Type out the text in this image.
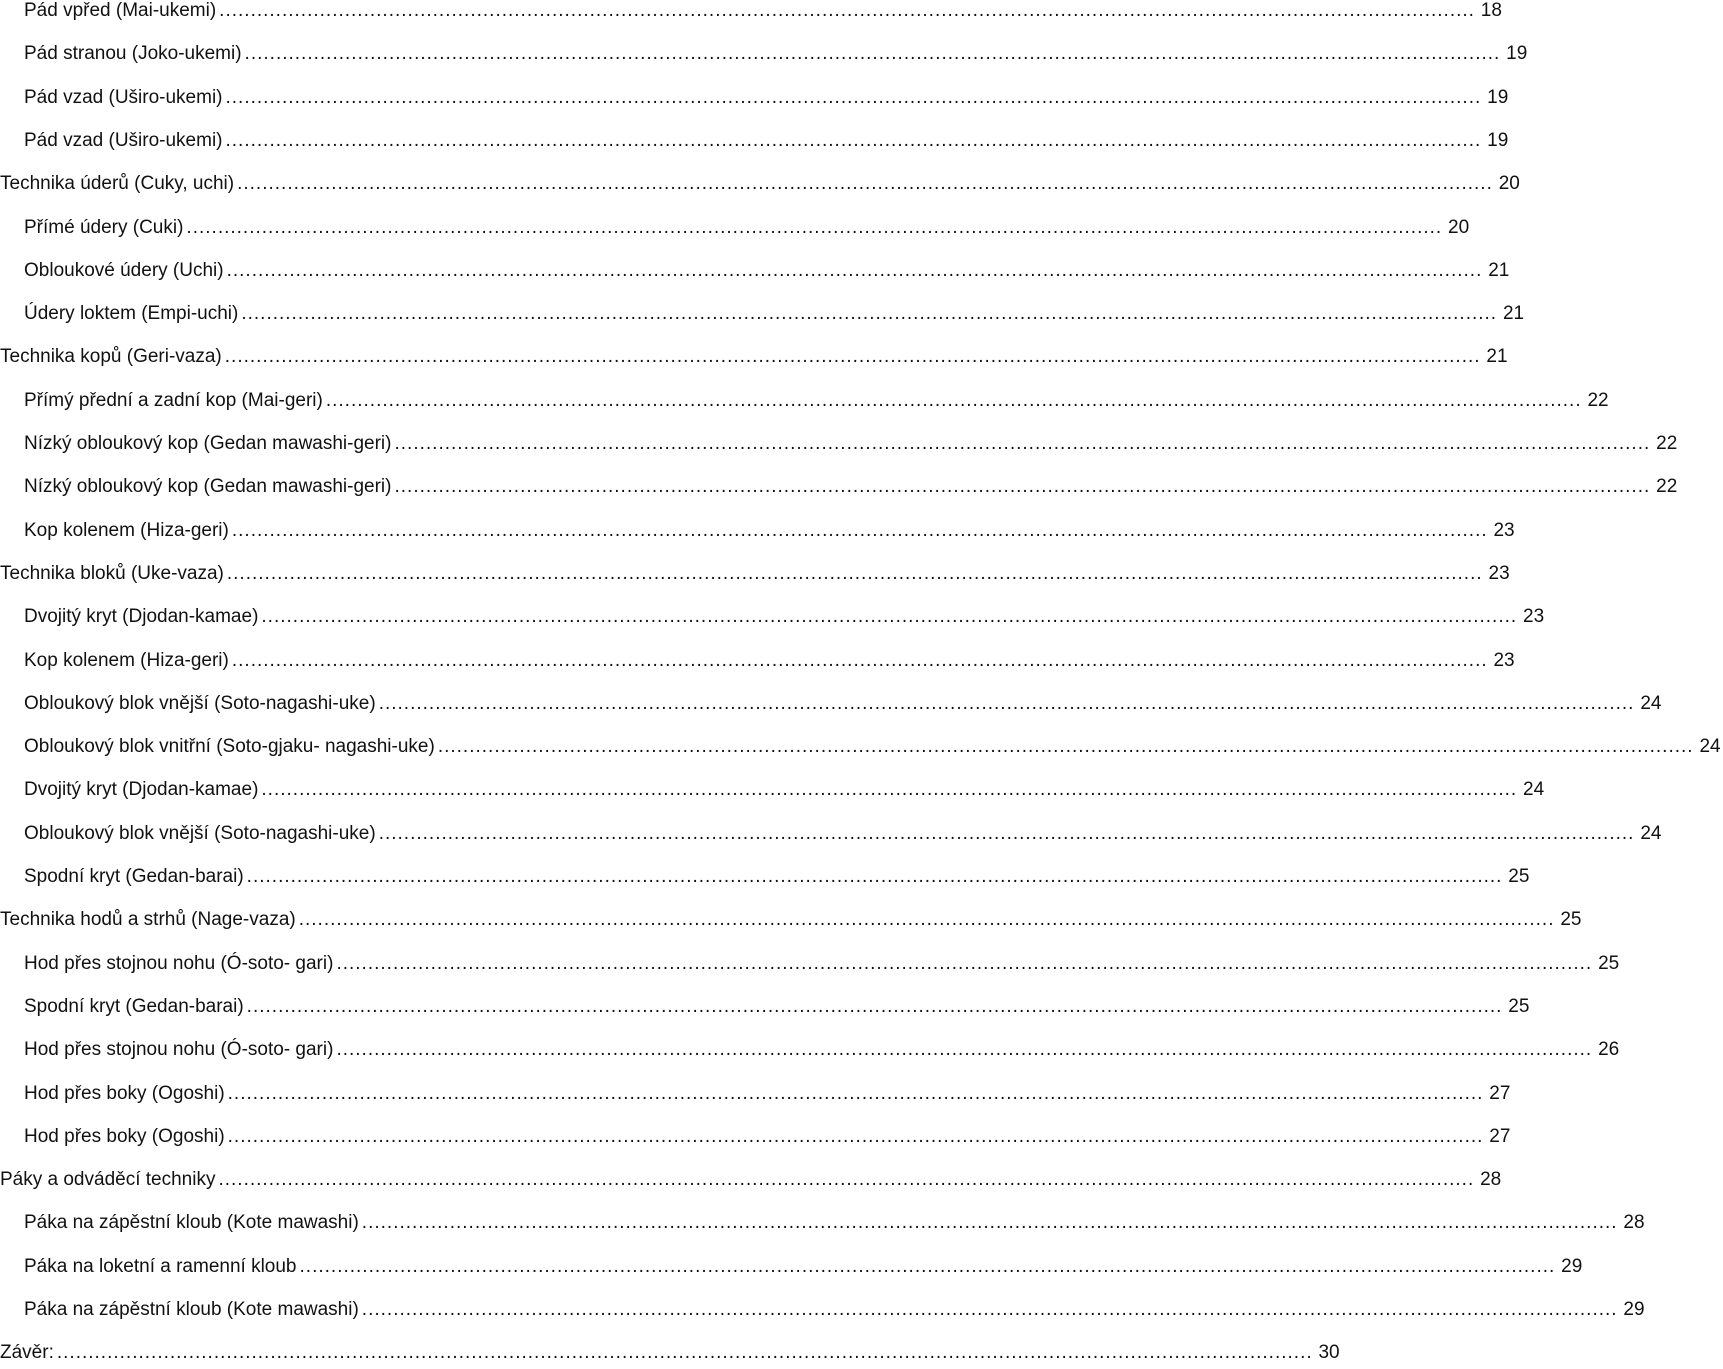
Pád vpřed (Mai-ukemi) ........................................................................................................................................................................................................ 18
Pád stranou (Joko-ukemi) ........................................................................................................................................................................................................ 19
Pád vzad (Uširo-ukemi) ........................................................................................................................................................................................................ 19
Pád vzad (Uširo-ukemi) ........................................................................................................................................................................................................ 19
Technika úderů (Cuky, uchi) ........................................................................................................................................................................................................ 20
Přímé údery (Cuki) ........................................................................................................................................................................................................ 20
Obloukové údery (Uchi) ........................................................................................................................................................................................................ 21
Údery loktem (Empi-uchi) ........................................................................................................................................................................................................ 21
Technika kopů (Geri-vaza) ........................................................................................................................................................................................................ 21
Přímý přední a zadní kop (Mai-geri) ........................................................................................................................................................................................................ 22
Nízký obloukový kop (Gedan mawashi-geri) ........................................................................................................................................................................................................ 22
Nízký obloukový kop (Gedan mawashi-geri) ........................................................................................................................................................................................................ 22
Kop kolenem (Hiza-geri) ........................................................................................................................................................................................................ 23
Technika bloků (Uke-vaza) ........................................................................................................................................................................................................ 23
Dvojitý kryt (Djodan-kamae) ........................................................................................................................................................................................................ 23
Kop kolenem (Hiza-geri) ........................................................................................................................................................................................................ 23
Obloukový blok vnější (Soto-nagashi-uke) ........................................................................................................................................................................................................ 24
Obloukový blok vnitřní (Soto-gjaku- nagashi-uke) ........................................................................................................................................................................................................ 24
Dvojitý kryt (Djodan-kamae) ........................................................................................................................................................................................................ 24
Obloukový blok vnější (Soto-nagashi-uke) ........................................................................................................................................................................................................ 24
Spodní kryt (Gedan-barai) ........................................................................................................................................................................................................ 25
Technika hodů a strhů (Nage-vaza) ........................................................................................................................................................................................................ 25
Hod přes stojnou nohu (Ó-soto- gari) ........................................................................................................................................................................................................ 25
Spodní kryt (Gedan-barai) ........................................................................................................................................................................................................ 25
Hod přes stojnou nohu (Ó-soto- gari) ........................................................................................................................................................................................................ 26
Hod přes boky (Ogoshi) ........................................................................................................................................................................................................ 27
Hod přes boky (Ogoshi) ........................................................................................................................................................................................................ 27
Páky a odváděcí techniky ........................................................................................................................................................................................................ 28
Páka na zápěstní kloub (Kote mawashi) ........................................................................................................................................................................................................ 28
Páka na loketní a ramenní kloub ........................................................................................................................................................................................................ 29
Páka na zápěstní kloub (Kote mawashi) ........................................................................................................................................................................................................ 29
Závěr: ........................................................................................................................................................................................................ 30
